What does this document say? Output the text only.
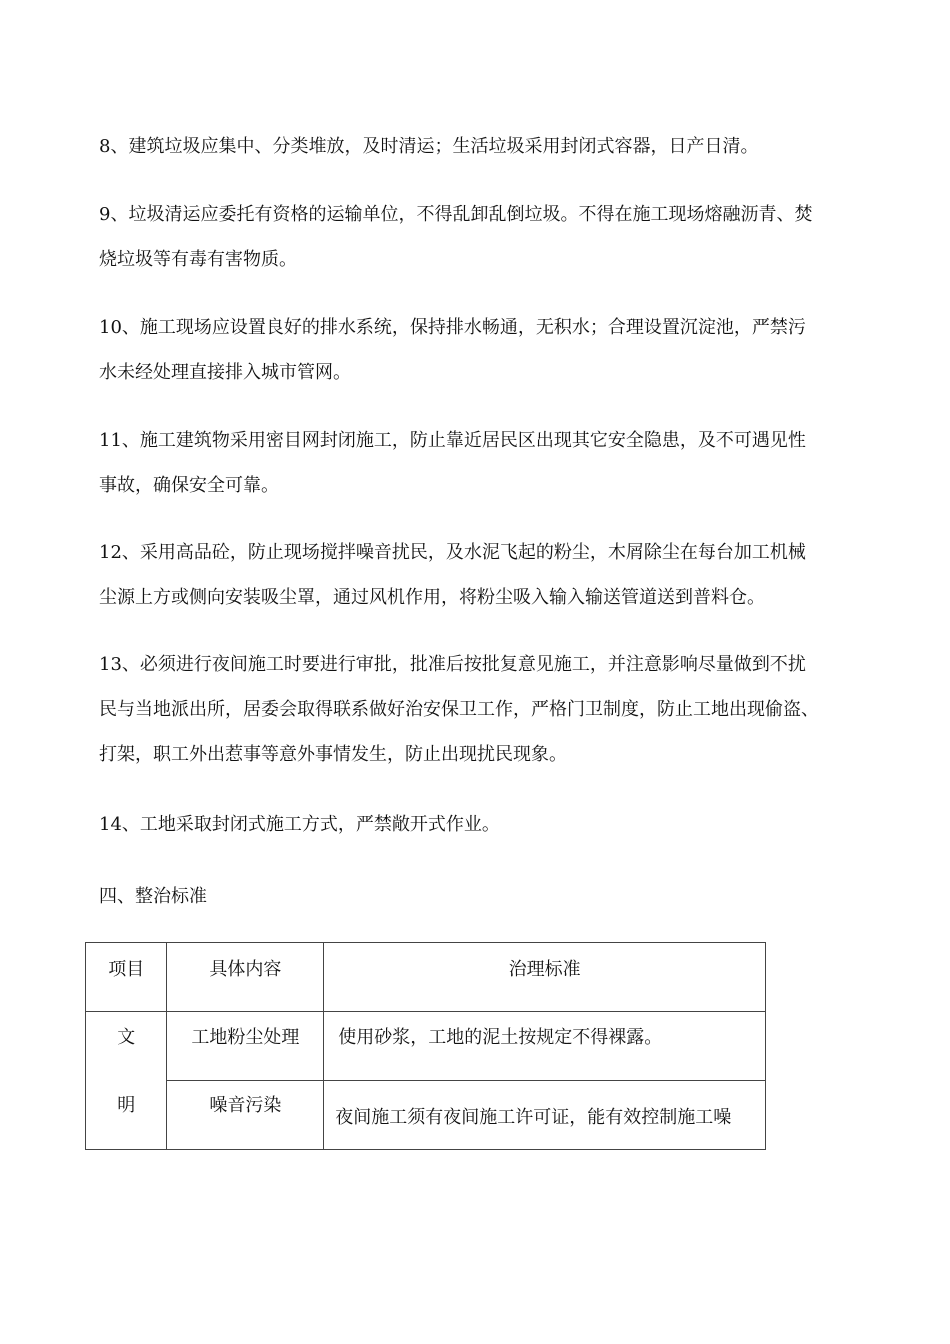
8、建筑垃圾应集中、分类堆放，及时清运；生活垃圾采用封闭式容器，日产日清。

9、垃圾清运应委托有资格的运输单位，不得乱卸乱倒垃圾。不得在施工现场熔融沥青、焚
烧垃圾等有毒有害物质。

10、施工现场应设置良好的排水系统，保持排水畅通，无积水；合理设置沉淀池，严禁污
水未经处理直接排入城市管网。

11、施工建筑物采用密目网封闭施工，防止靠近居民区出现其它安全隐患，及不可遇见性
事故，确保安全可靠。

12、采用高品砼，防止现场搅拌噪音扰民，及水泥飞起的粉尘，木屑除尘在每台加工机械
尘源上方或侧向安装吸尘罩，通过风机作用，将粉尘吸入输入输送管道送到普料仓。

13、必须进行夜间施工时要进行审批，批准后按批复意见施工，并注意影响尽量做到不扰
民与当地派出所，居委会取得联系做好治安保卫工作，严格门卫制度，防止工地出现偷盗、
打架，职工外出惹事等意外事情发生，防止出现扰民现象。

14、工地采取封闭式施工方式，严禁敞开式作业。

四、整治标准

项目	具体内容	治理标准

文	工地粉尘处理	使用砂浆，工地的泥土按规定不得裸露。

明	噪音污染	夜间施工须有夜间施工许可证，能有效控制施工噪
